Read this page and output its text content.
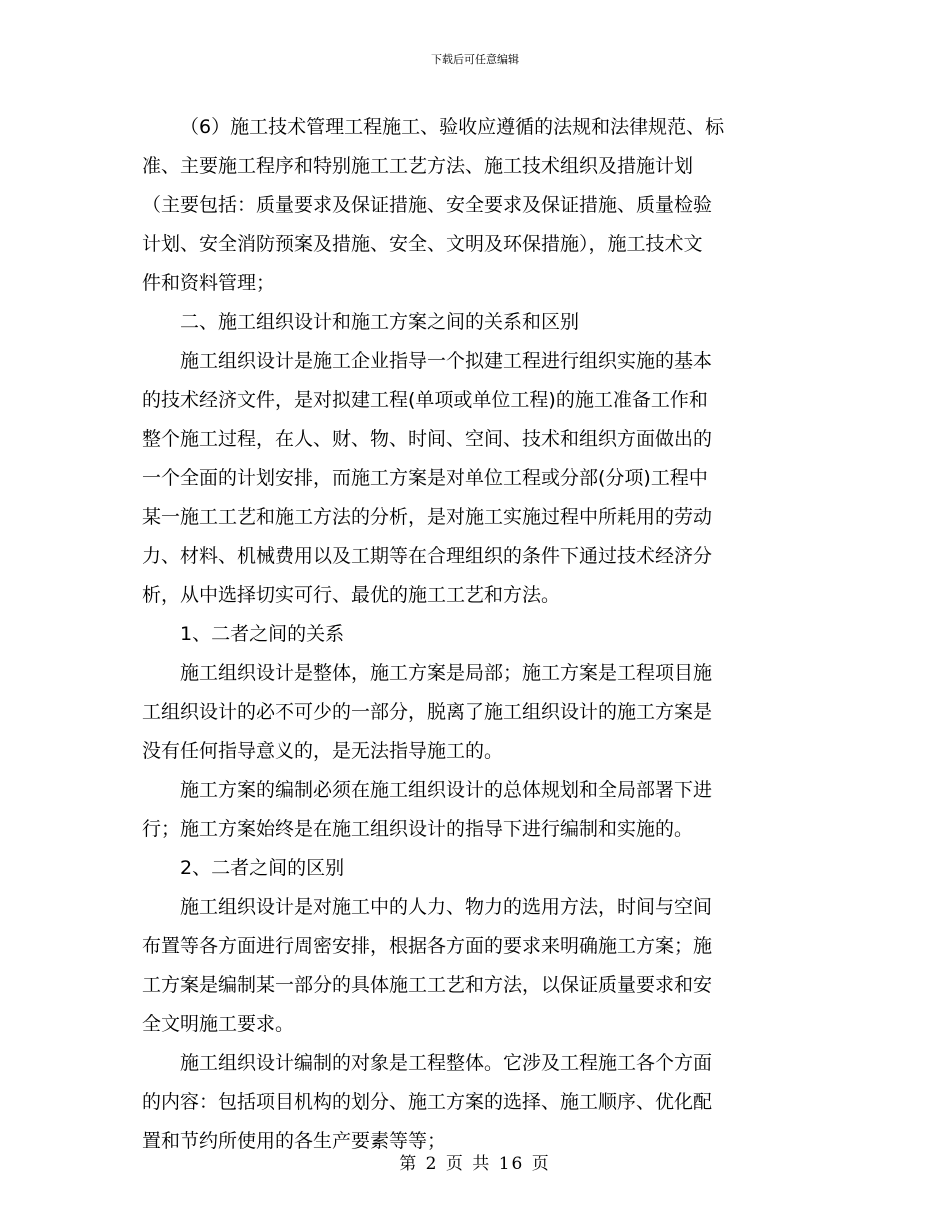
下载后可任意编辑

（6）施工技术管理工程施工、验收应遵循的法规和法律规范、标
准、主要施工程序和特别施工工艺方法、施工技术组织及措施计划
（主要包括：质量要求及保证措施、安全要求及保证措施、质量检验
计划、安全消防预案及措施、安全、文明及环保措施），施工技术文
件和资料管理；

二、施工组织设计和施工方案之间的关系和区别

施工组织设计是施工企业指导一个拟建工程进行组织实施的基本
的技术经济文件，是对拟建工程(单项或单位工程)的施工准备工作和
整个施工过程，在人、财、物、时间、空间、技术和组织方面做出的
一个全面的计划安排，而施工方案是对单位工程或分部(分项)工程中
某一施工工艺和施工方法的分析，是对施工实施过程中所耗用的劳动
力、材料、机械费用以及工期等在合理组织的条件下通过技术经济分
析，从中选择切实可行、最优的施工工艺和方法。

1、二者之间的关系

施工组织设计是整体，施工方案是局部；施工方案是工程项目施
工组织设计的必不可少的一部分，脱离了施工组织设计的施工方案是
没有任何指导意义的，是无法指导施工的。

施工方案的编制必须在施工组织设计的总体规划和全局部署下进
行；施工方案始终是在施工组织设计的指导下进行编制和实施的。

2、二者之间的区别

施工组织设计是对施工中的人力、物力的选用方法，时间与空间
布置等各方面进行周密安排，根据各方面的要求来明确施工方案；施
工方案是编制某一部分的具体施工工艺和方法，以保证质量要求和安
全文明施工要求。

施工组织设计编制的对象是工程整体。它涉及工程施工各个方面
的内容：包括项目机构的划分、施工方案的选择、施工顺序、优化配
置和节约所使用的各生产要素等等；

第 2 页 共 16 页
